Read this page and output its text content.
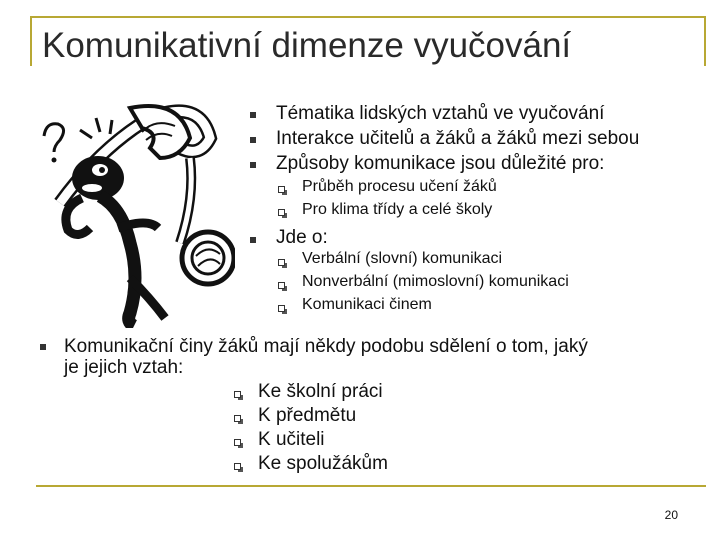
Komunikativní dimenze vyučování
Tématika lidských vztahů ve vyučování
Interakce učitelů a žáků a žáků mezi sebou
Způsoby komunikace jsou důležité pro:
Průběh procesu učení žáků
Pro klima třídy a celé školy
Jde o:
Verbální (slovní) komunikaci
Nonverbální (mimoslovní) komunikaci
Komunikaci činem
Komunikační činy žáků mají někdy podobu sdělení o tom, jaký
je jejich vztah:
Ke školní práci
K předmětu
K učiteli
Ke spolužákům
20
